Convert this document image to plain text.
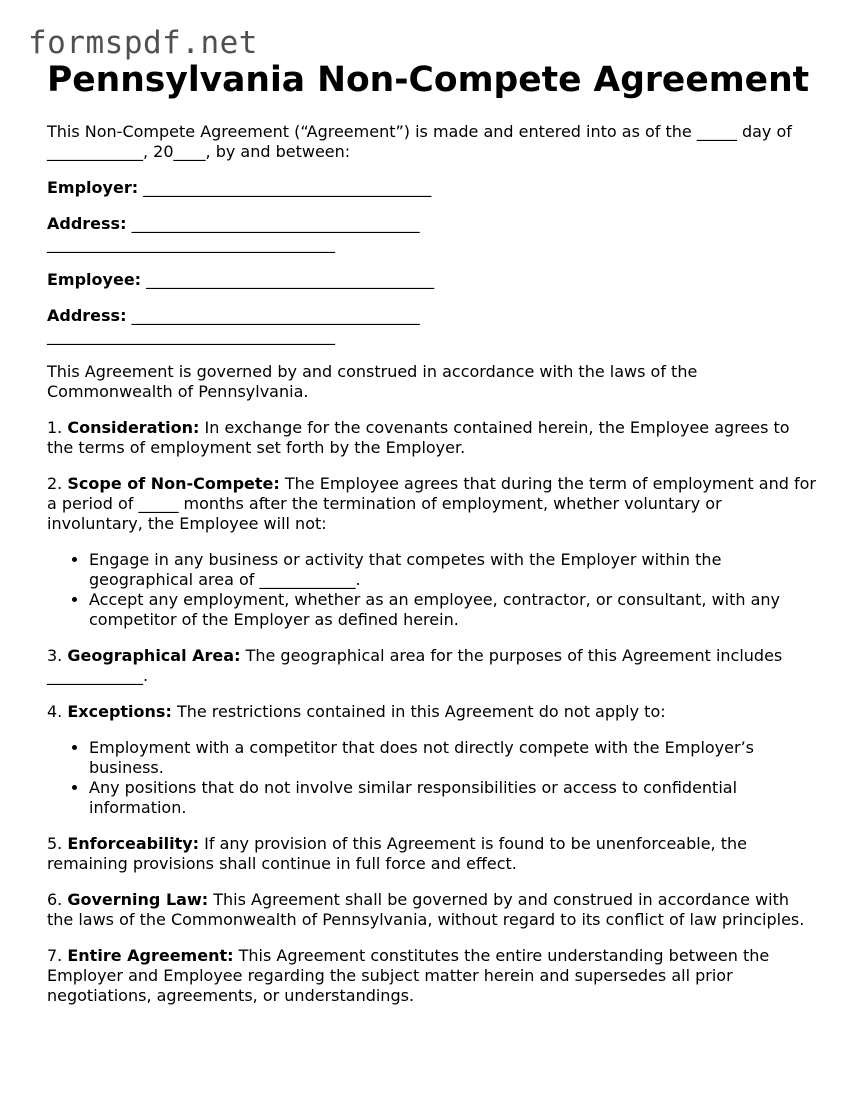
formspdf.net
Pennsylvania Non-Compete Agreement

This Non-Compete Agreement (“Agreement”) is made and entered into as of the _____ day of ____________, 20____, by and between:

Employer: ____________________________________
Address: ____________________________________
____________________________________
Employee: ____________________________________
Address: ____________________________________
____________________________________

This Agreement is governed by and construed in accordance with the laws of the Commonwealth of Pennsylvania.

1. Consideration: In exchange for the covenants contained herein, the Employee agrees to the terms of employment set forth by the Employer.

2. Scope of Non-Compete: The Employee agrees that during the term of employment and for a period of _____ months after the termination of employment, whether voluntary or involuntary, the Employee will not:

• Engage in any business or activity that competes with the Employer within the geographical area of ____________.
• Accept any employment, whether as an employee, contractor, or consultant, with any competitor of the Employer as defined herein.

3. Geographical Area: The geographical area for the purposes of this Agreement includes ____________.

4. Exceptions: The restrictions contained in this Agreement do not apply to:

• Employment with a competitor that does not directly compete with the Employer’s business.
• Any positions that do not involve similar responsibilities or access to confidential information.

5. Enforceability: If any provision of this Agreement is found to be unenforceable, the remaining provisions shall continue in full force and effect.

6. Governing Law: This Agreement shall be governed by and construed in accordance with the laws of the Commonwealth of Pennsylvania, without regard to its conflict of law principles.

7. Entire Agreement: This Agreement constitutes the entire understanding between the Employer and Employee regarding the subject matter herein and supersedes all prior negotiations, agreements, or understandings.
